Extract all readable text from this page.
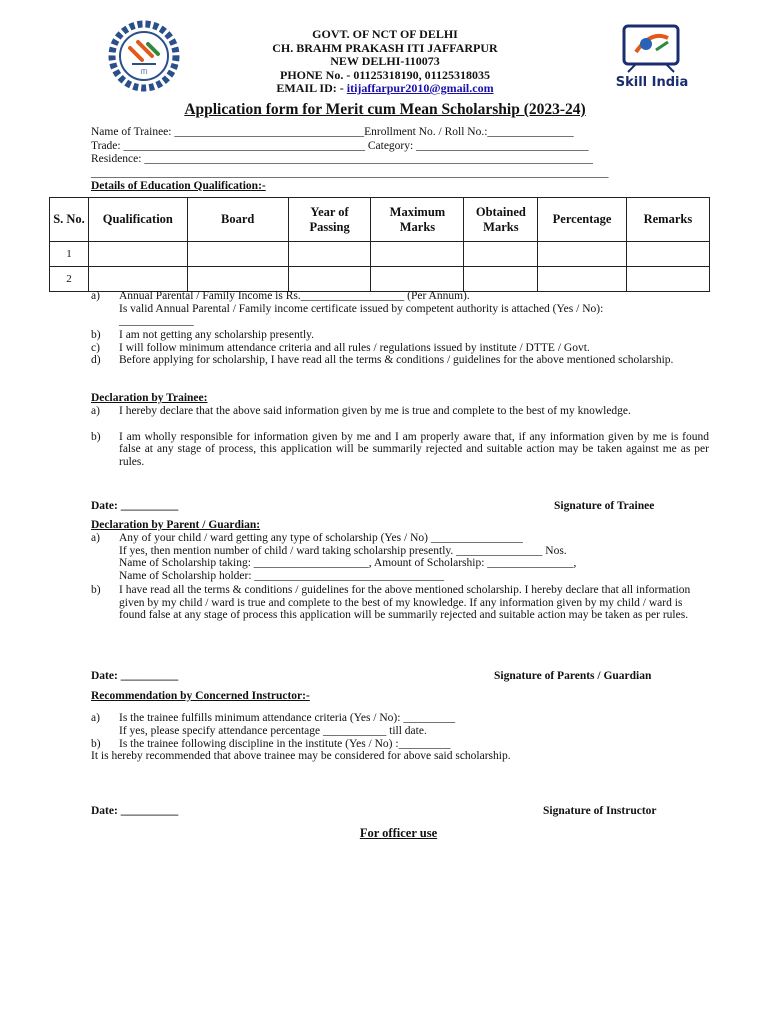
ITI
Skill India
GOVT. OF NCT OF DELHI
CH. BRAHM PRAKASH ITI JAFFARPUR
NEW DELHI-110073
PHONE No. - 01125318190, 01125318035
EMAIL ID: - itijaffarpur2010@gmail.com
Application form for Merit cum Mean Scholarship (2023-24)
Name of Trainee: _________________________________Enrollment No. / Roll No.:_______________
Trade: __________________________________________ Category: ______________________________
Residence: ______________________________________________________________________________
__________________________________________________________________________________________
Details of Education Qualification:-
S. No.	Qualification	Board	Year of Passing	Maximum Marks	Obtained Marks	Percentage	Remarks
1							
2							
a)	Annual Parental / Family Income is Rs.__________________ (Per Annum).
Is valid Annual Parental / Family income certificate issued by competent authority is attached (Yes / No):
_____________
b)	I am not getting any scholarship presently.
c)	I will follow minimum attendance criteria and all rules / regulations issued by institute / DTTE / Govt.
d)	Before applying for scholarship, I have read all the terms & conditions / guidelines for the above mentioned scholarship.
Declaration by Trainee:
a)	I hereby declare that the above said information given by me is true and complete to the best of my knowledge.
b)	I am wholly responsible for information given by me and I am properly aware that, if any information given by me is found false at any stage of process, this application will be summarily rejected and suitable action may be taken against me as per rules.
Date: __________	Signature of Trainee
Declaration by Parent / Guardian:
a)	Any of your child / ward getting any type of scholarship (Yes / No) ________________
If yes, then mention number of child / ward taking scholarship presently. _______________ Nos.
Name of Scholarship taking: ____________________, Amount of Scholarship: _______________,
Name of Scholarship holder: _________________________________
b)	I have read all the terms & conditions / guidelines for the above mentioned scholarship. I hereby declare that all information given by my child / ward is true and complete to the best of my knowledge. If any information given by my child / ward is found false at any stage of process this application will be summarily rejected and suitable action may be taken as per rules.
Date: __________	Signature of Parents / Guardian
Recommendation by Concerned Instructor:-
a)	Is the trainee fulfills minimum attendance criteria (Yes / No): _________
If yes, please specify attendance percentage ___________ till date.
b)	Is the trainee following discipline in the institute (Yes / No) :_________
It is hereby recommended that above trainee may be considered for above said scholarship.
Date: __________	Signature of Instructor
For officer use
